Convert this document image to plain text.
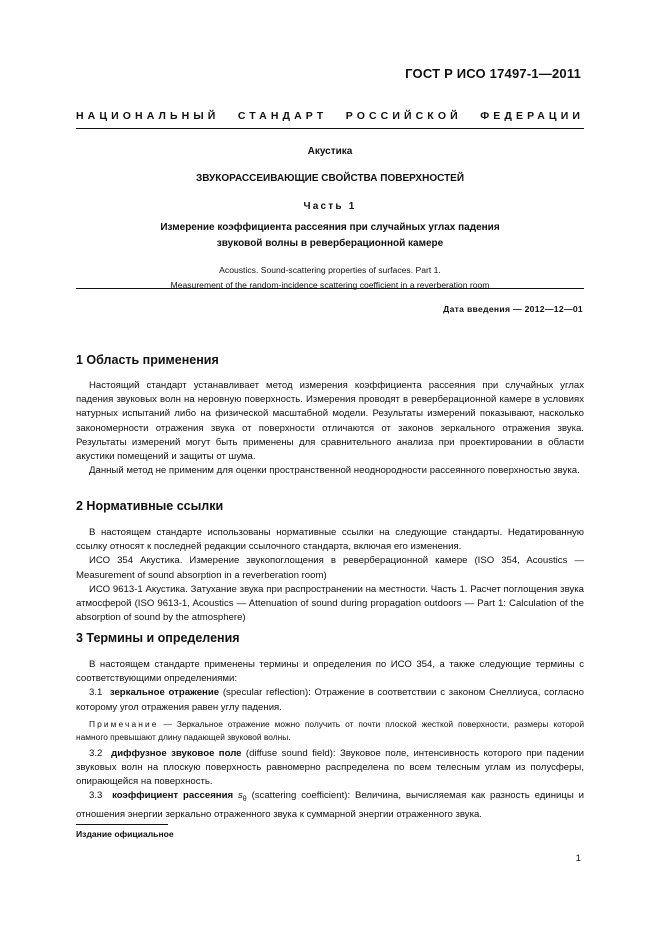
ГОСТ Р ИСО 17497-1—2011
НАЦИОНАЛЬНЫЙ СТАНДАРТ РОССИЙСКОЙ ФЕДЕРАЦИИ
Акустика
ЗВУКОРАССЕИВАЮЩИЕ СВОЙСТВА ПОВЕРХНОСТЕЙ
Часть 1
Измерение коэффициента рассеяния при случайных углах падения
звуковой волны в реверберационной камере
Acoustics. Sound-scattering properties of surfaces. Part 1.
Measurement of the random-incidence scattering coefficient in a reverberation room
Дата введения — 2012—12—01
1 Область применения

Настоящий стандарт устанавливает метод измерения коэффициента рассеяния при случайных углах падения звуковых волн на неровную поверхность. Измерения проводят в реверберационной камере в условиях натурных испытаний либо на физической масштабной модели. Результаты измерений показывают, насколько закономерности отражения звука от поверхности отличаются от законов зеркального отражения звука. Результаты измерений могут быть применены для сравнительного анализа при проектировании в области акустики помещений и защиты от шума.

Данный метод не применим для оценки пространственной неоднородности рассеянного поверхностью звука.

2 Нормативные ссылки

В настоящем стандарте использованы нормативные ссылки на следующие стандарты. Недатированную ссылку относят к последней редакции ссылочного стандарта, включая его изменения.

ИСО 354 Акустика. Измерение звукопоглощения в реверберационной камере (ISO 354, Acoustics — Measurement of sound absorption in a reverberation room)

ИСО 9613-1 Акустика. Затухание звука при распространении на местности. Часть 1. Расчет поглощения звука атмосферой (ISO 9613-1, Acoustics — Attenuation of sound during propagation outdoors — Part 1: Calculation of the absorption of sound by the atmosphere)

3 Термины и определения

В настоящем стандарте применены термины и определения по ИСО 354, а также следующие термины с соответствующими определениями:

3.1 зеркальное отражение (specular reflection): Отражение в соответствии с законом Снеллиуса, согласно которому угол отражения равен углу падения.

Примечание — Зеркальное отражение можно получить от почти плоской жесткой поверхности, размеры которой намного превышают длину падающей звуковой волны.

3.2 диффузное звуковое поле (diffuse sound field): Звуковое поле, интенсивность которого при падении звуковых волн на плоскую поверхность равномерно распределена по всем телесным углам из полусферы, опирающейся на поверхность.

3.3 коэффициент рассеяния $s_\theta$ (scattering coefficient): Величина, вычисляемая как разность единицы и отношения энергии зеркально отраженного звука к суммарной энергии отраженного звука.

Издание официальное
1
